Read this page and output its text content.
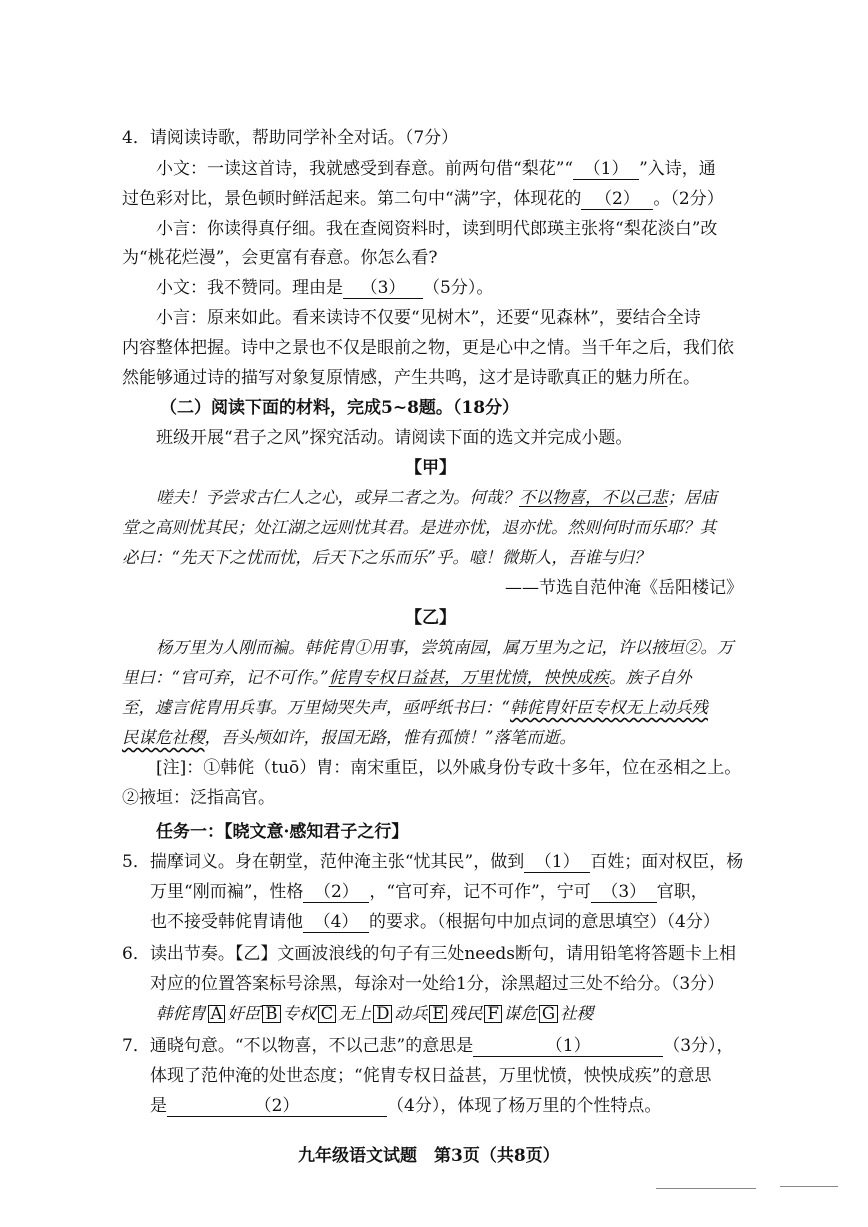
4．请阅读诗歌，帮助同学补全对话。（7分）
小文：一读这首诗，我就感受到春意。前两句借“梨花”“ （1） ”入诗，通
过色彩对比，景色顿时鲜活起来。第二句中“满”字，体现花的 （2） 。（2分）
小言：你读得真仔细。我在查阅资料时，读到明代郎瑛主张将“梨花淡白”改
为“桃花烂漫”，会更富有春意。你怎么看?
小文：我不赞同。理由是 （3） （5分）。
小言：原来如此。看来读诗不仅要“见树木”，还要“见森林”，要结合全诗
内容整体把握。诗中之景也不仅是眼前之物，更是心中之情。当千年之后，我们依
然能够通过诗的描写对象复原情感，产生共鸣，这才是诗歌真正的魅力所在。
（二）阅读下面的材料，完成5~8题。（18分）
班级开展“君子之风”探究活动。请阅读下面的选文并完成小题。
【甲】
嗟夫！予尝求古仁人之心，或异二者之为。何哉？不以物喜，不以己悲；居庙
堂之高则忧其民；处江湖之远则忧其君。是进亦忧，退亦忧。然则何时而乐耶？其
必曰：“先天下之忧而忧，后天下之乐而乐”乎。噫！微斯人，吾谁与归？
——节选自范仲淹《岳阳楼记》
【乙】
杨万里为人刚而褊。韩侂胄①用事，尝筑南园，属万里为之记，许以掖垣②。万
里曰：“官可弃，记不可作。”侂胄专权日益甚，万里忧愤，怏怏成疾。族子自外
至，遽言侂胄用兵事。万里恸哭失声，亟呼纸书曰：“韩侂胄奸臣专权无上动兵残
民谋危社稷，吾头颅如许，报国无路，惟有孤愤！”落笔而逝。
[注]：①韩侂（tuō）胄：南宋重臣，以外戚身份专政十多年，位在丞相之上。
②掖垣：泛指高官。
任务一：【晓文意·感知君子之行】
5．揣摩词义。身在朝堂，范仲淹主张“忧其民”，做到 （1） 百姓；面对权臣，杨
万里“刚而褊”，性格 （2） ，“官可弃，记不可作”，宁可 （3） 官职，
也不接受韩侂胄请他 （4） 的要求。（根据句中加点词的意思填空）（4分）
6．读出节奏。【乙】文画波浪线的句子有三处needs断句，请用铅笔将答题卡上相
对应的位置答案标号涂黑，每涂对一处给1分，涂黑超过三处不给分。（3分）
韩侂胄 A 奸臣 B 专权 C 无上 D 动兵 E 残民 F 谋危 G 社稷
7．通晓句意。“不以物喜，不以己悲”的意思是	（1）	（3分），
体现了范仲淹的处世态度；“侂胄专权日益甚，万里忧愤，怏怏成疾”的意思
是	（2）	（4分），体现了杨万里的个性特点。
九年级语文试题　第3页（共8页）
